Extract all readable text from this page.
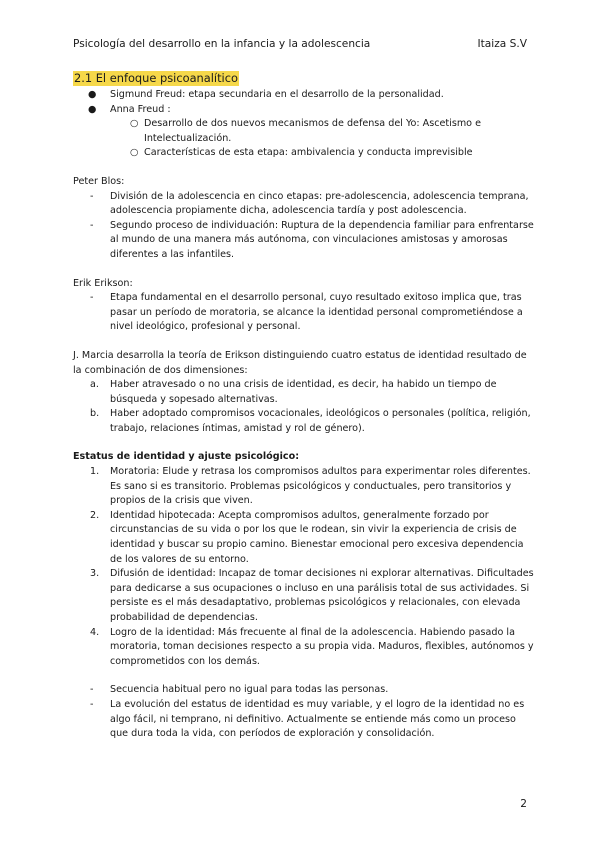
Psicología del desarrollo en la infancia y la adolescencia	Itaiza S.V
2.1 El enfoque psicoanalítico
● Sigmund Freud: etapa secundaria en el desarrollo de la personalidad.
● Anna Freud :
○ Desarrollo de dos nuevos mecanismos de defensa del Yo: Ascetismo e Intelectualización.
○ Características de esta etapa: ambivalencia y conducta imprevisible
Peter Blos:
- División de la adolescencia en cinco etapas: pre-adolescencia, adolescencia temprana, adolescencia propiamente dicha, adolescencia tardía y post adolescencia.
- Segundo proceso de individuación: Ruptura de la dependencia familiar para enfrentarse al mundo de una manera más autónoma, con vinculaciones amistosas y amorosas diferentes a las infantiles.
Erik Erikson:
- Etapa fundamental en el desarrollo personal, cuyo resultado exitoso implica que, tras pasar un período de moratoria, se alcance la identidad personal comprometiéndose a nivel ideológico, profesional y personal.
J. Marcia desarrolla la teoría de Erikson distinguiendo cuatro estatus de identidad resultado de la combinación de dos dimensiones:
a. Haber atravesado o no una crisis de identidad, es decir, ha habido un tiempo de búsqueda y sopesado alternativas.
b. Haber adoptado compromisos vocacionales, ideológicos o personales (política, religión, trabajo, relaciones íntimas, amistad y rol de género).
Estatus de identidad y ajuste psicológico:
1. Moratoria: Elude y retrasa los compromisos adultos para experimentar roles diferentes. Es sano si es transitorio. Problemas psicológicos y conductuales, pero transitorios y propios de la crisis que viven.
2. Identidad hipotecada: Acepta compromisos adultos, generalmente forzado por circunstancias de su vida o por los que le rodean, sin vivir la experiencia de crisis de identidad y buscar su propio camino. Bienestar emocional pero excesiva dependencia de los valores de su entorno.
3. Difusión de identidad: Incapaz de tomar decisiones ni explorar alternativas. Dificultades para dedicarse a sus ocupaciones o incluso en una parálisis total de sus actividades. Si persiste es el más desadaptativo, problemas psicológicos y relacionales, con elevada probabilidad de dependencias.
4. Logro de la identidad: Más frecuente al final de la adolescencia. Habiendo pasado la moratoria, toman decisiones respecto a su propia vida. Maduros, flexibles, autónomos y comprometidos con los demás.
- Secuencia habitual pero no igual para todas las personas.
- La evolución del estatus de identidad es muy variable, y el logro de la identidad no es algo fácil, ni temprano, ni definitivo. Actualmente se entiende más como un proceso que dura toda la vida, con períodos de exploración y consolidación.
2
